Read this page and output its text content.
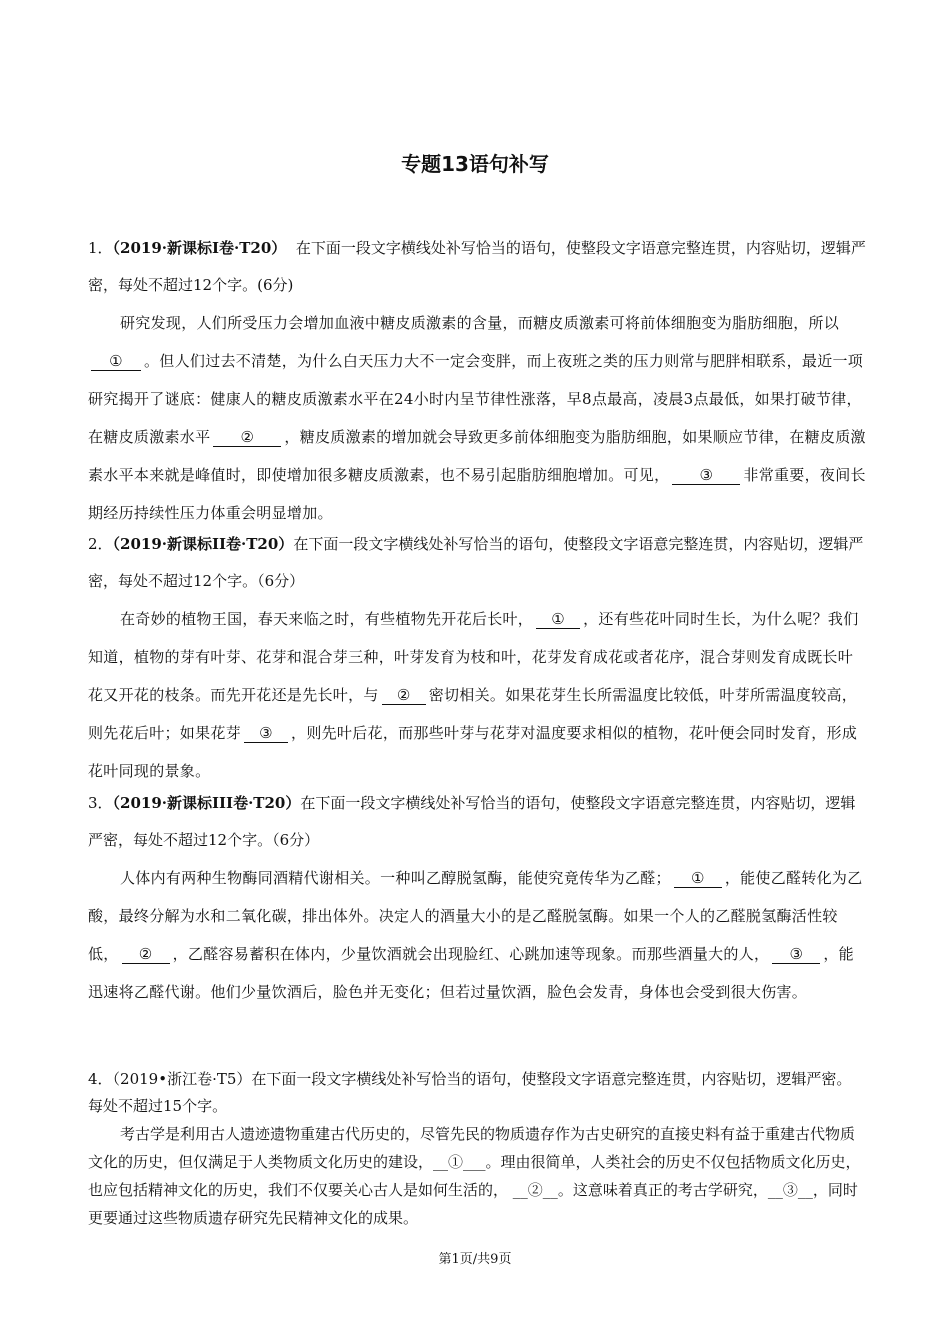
专题13语句补写
1．（2019·新课标I卷·T20） 在下面一段文字横线处补写恰当的语句，使整段文字语意完整连贯，内容贴切，逻辑严密，每处不超过12个字。(6分)
研究发现，人们所受压力会增加血液中糖皮质激素的含量，而糖皮质激素可将前体细胞变为脂肪细胞，所以① 。但人们过去不清楚，为什么白天压力大不一定会变胖，而上夜班之类的压力则常与肥胖相联系，最近一项研究揭开了谜底：健康人的糖皮质激素水平在24小时内呈节律性涨落，早8点最高，凌晨3点最低，如果打破节律，在糖皮质激素水平 ② ，糖皮质激素的增加就会导致更多前体细胞变为脂肪细胞，如果顺应节律，在糖皮质激素水平本来就是峰值时，即使增加很多糖皮质激素，也不易引起脂肪细胞增加。可见， ③ 非常重要，夜间长期经历持续性压力体重会明显增加。
2．（2019·新课标II卷·T20）在下面一段文字横线处补写恰当的语句，使整段文字语意完整连贯，内容贴切，逻辑严密，每处不超过12个字。（6分）
在奇妙的植物王国，春天来临之时，有些植物先开花后长叶， ① ，还有些花叶同时生长，为什么呢？我们知道，植物的芽有叶芽、花芽和混合芽三种，叶芽发育为枝和叶，花芽发育成花或者花序，混合芽则发育成既长叶花又开花的枝条。而先开花还是先长叶，与 ② 密切相关。如果花芽生长所需温度比较低，叶芽所需温度较高，则先花后叶；如果花芽 ③ ，则先叶后花，而那些叶芽与花芽对温度要求相似的植物，花叶便会同时发育，形成花叶同现的景象。
3．（2019·新课标III卷·T20）在下面一段文字横线处补写恰当的语句，使整段文字语意完整连贯，内容贴切，逻辑严密，每处不超过12个字。（6分）
人体内有两种生物酶同酒精代谢相关。一种叫乙醇脱氢酶，能使究竟传华为乙醛； ① ，能使乙醛转化为乙酸，最终分解为水和二氧化碳，排出体外。决定人的酒量大小的是乙醛脱氢酶。如果一个人的乙醛脱氢酶活性较低， ② ，乙醛容易蓄积在体内，少量饮酒就会出现脸红、心跳加速等现象。而那些酒量大的人， ③ ，能迅速将乙醛代谢。他们少量饮酒后，脸色并无变化；但若过量饮酒，脸色会发青，身体也会受到很大伤害。
4．（2019•浙江卷·T5）在下面一段文字横线处补写恰当的语句，使整段文字语意完整连贯，内容贴切，逻辑严密。每处不超过15个字。
考古学是利用古人遗迹遗物重建古代历史的，尽管先民的物质遗存作为古史研究的直接史料有益于重建古代物质文化的历史，但仅满足于人类物质文化历史的建设，__①___。理由很简单，人类社会的历史不仅包括物质文化历史，也应包括精神文化的历史，我们不仅要关心古人是如何生活的， __②__。这意味着真正的考古学研究，__③__，同时更要通过这些物质遗存研究先民精神文化的成果。
第1页/共9页
